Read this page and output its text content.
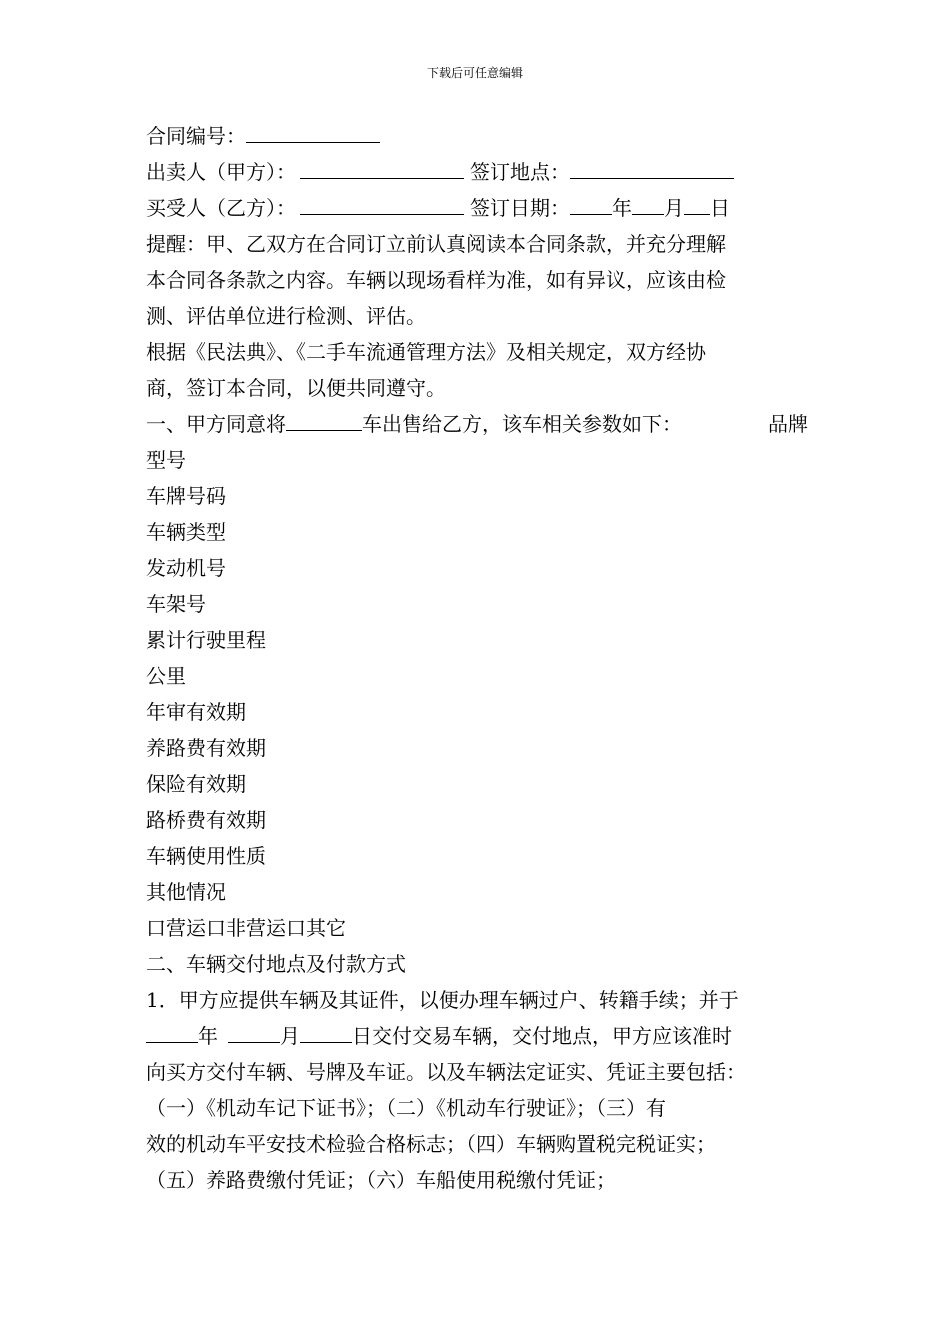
下载后可任意编辑
合同编号：
出卖人（甲方）：	签订地点：
买受人（乙方）：	签订日期： 年 月 日
提醒：甲、乙双方在合同订立前认真阅读本合同条款，并充分理解
本合同各条款之内容。车辆以现场看样为准，如有异议，应该由检
测、评估单位进行检测、评估。
根据《民法典》、《二手车流通管理方法》及相关规定，双方经协
商，签订本合同，以便共同遵守。
一、甲方同意将	车出售给乙方，该车相关参数如下：	品牌
型号
车牌号码
车辆类型
发动机号
车架号
累计行驶里程
公里
年审有效期
养路费有效期
保险有效期
路桥费有效期
车辆使用性质
其他情况
口营运口非营运口其它
二、车辆交付地点及付款方式
1．甲方应提供车辆及其证件，以便办理车辆过户、转籍手续；并于
年	月	日交付交易车辆，交付地点，甲方应该准时
向买方交付车辆、号牌及车证。以及车辆法定证实、凭证主要包括：
（一）《机动车记下证书》；（二）《机动车行驶证》；（三）有
效的机动车平安技术检验合格标志；（四）车辆购置税完税证实；
（五）养路费缴付凭证；（六）车船使用税缴付凭证；
